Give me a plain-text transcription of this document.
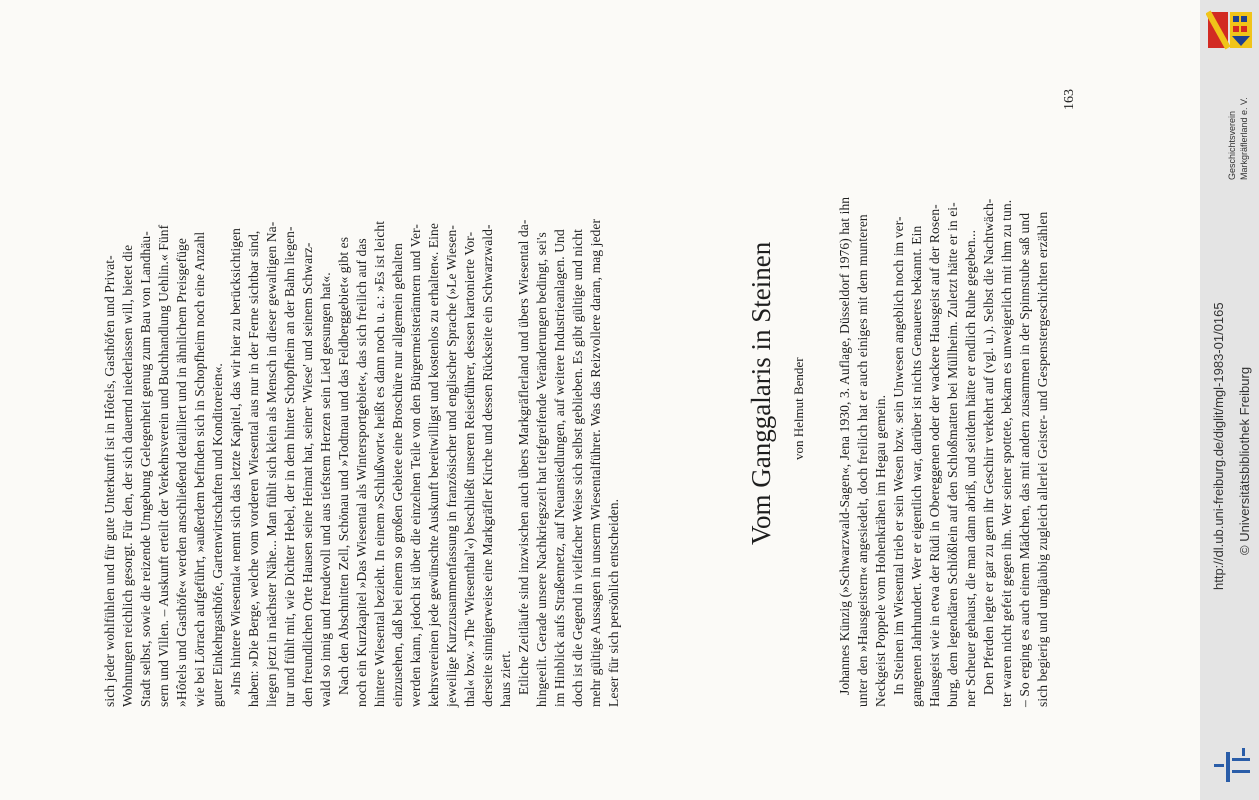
sich jeder wohlfühlen und für gute Unterkunft ist in Hôtels, Gasthöfen und Privat- Wohnungen reichlich gesorgt. Für den, der sich dauernd niederlassen will, bietet die Stadt selbst, sowie die reizende Umgebung Gelegenheit genug zum Bau von Landhäu- sern und Villen. – Auskunft erteilt der Verkehrsverein und Buchhandlung Uehlin.« Fünf »Hôtels und Gasthöfe« werden anschließend detailliert und in ähnlichem Preisgefüge wie bei Lörrach aufgeführt, »außerdem befinden sich in Schopfheim noch eine Anzahl guter Einkehrgasthöfe, Gartenwirtschaften und Konditoreien«. »Ins hintere Wiesental« nennt sich das letzte Kapitel, das wir hier zu berücksichtigen haben: »Die Berge, welche vom vorderen Wiesental aus nur in der Ferne sichtbar sind, liegen jetzt in nächster Nähe... Man fühlt sich klein als Mensch in dieser gewaltigen Na- tur und fühlt mit, wie Dichter Hebel, der in dem hinter Schopfheim an der Bahn liegen- den freundlichen Orte Hausen seine Heimat hat, seiner 'Wiese' und seinem Schwarz- wald so innig und freudevoll und aus tiefstem Herzen sein Lied gesungen hat«. Nach den Abschnitten Zell, Schönau und »Todtnau und das Feldberggebiet« gibt es noch ein Kurzkapitel »Das Wiesental als Wintersportgebiet«, das sich freilich auf das hintere Wiesental bezieht. In einem »Schlußwort« heißt es dann noch u. a.: »Es ist leicht einzusehen, daß bei einem so großen Gebiete eine Broschüre nur allgemein gehalten werden kann, jedoch ist über die einzelnen Teile von den Bürgermeisterämtern und Ver- kehrsvereinen jede gewünschte Auskunft bereitwilligst und kostenlos zu erhalten«. Eine jeweilige Kurzzusammenfassung in französischer und englischer Sprache (»Le Wiesen- thal« bzw. »The 'Wiesenthal'«) beschließt unseren Reiseführer, dessen kartonierte Vor- derseite sinnigerweise eine Markgräfler Kirche und dessen Rückseite ein Schwarzwald- haus ziert. Etliche Zeitläufe sind inzwischen auch übers Markgräflerland und übers Wiesental da- hingeeilt. Gerade unsere Nachkriegszeit hat tiefgreifende Veränderungen bedingt, sei's im Hinblick aufs Straßennetz, auf Neuansiedlungen, auf weitere Industrieanlagen. Und doch ist die Gegend in vielfacher Weise sich selbst geblieben. Es gibt gültige und nicht mehr gültige Aussagen in unserm Wiesentalführer. Was das Reizvollere daran, mag jeder Leser für sich persönlich entscheiden.
Vom Ganggalaris in Steinen von Helmut Bender Johannes Künzig (»Schwarzwald-Sagen«, Jena 1930, 3. Auflage, Düsseldorf 1976) hat ihn unter den »Hausgeistern« angesiedelt, doch freilich hat er auch einiges mit dem munteren Neckgeist Poppele vom Hohenkrähen im Hegau gemein. In Steinen im Wiesental trieb er sein Wesen bzw. sein Unwesen angeblich noch im ver- gangenen Jahrhundert. Wer er eigentlich war, darüber ist nichts Genaueres bekannt. Ein Hausgeist wie in etwa der Rüdi in Obereggenen oder der wackere Hausgeist auf der Rosen- burg, dem legendären Schlößlein auf den Schloßmatten bei Müllheim. Zuletzt hätte er in ei- ner Scheuer gehaust, die man dann abriß, und seitdem hätte er endlich Ruhe gegeben... Den Pferden legte er gar zu gern ihr Geschirr verkehrt auf (vgl. u.). Selbst die Nachtwäch- ter waren nicht gefeit gegen ihn. Wer seiner spottete, bekam es unweigerlich mit ihm zu tun. – So erging es auch einem Mädchen, das mit andern zusammen in der Spinnstube saß und sich begierig und ungläubig zugleich allerlei Geister- und Gespenstergeschichten erzählen
163
Geschichtsverein Markgräflerland e. V.
http://dl.ub.uni-freiburg.de/diglit/mgl-1983-01/0165 © Universitätsbibliothek Freiburg
